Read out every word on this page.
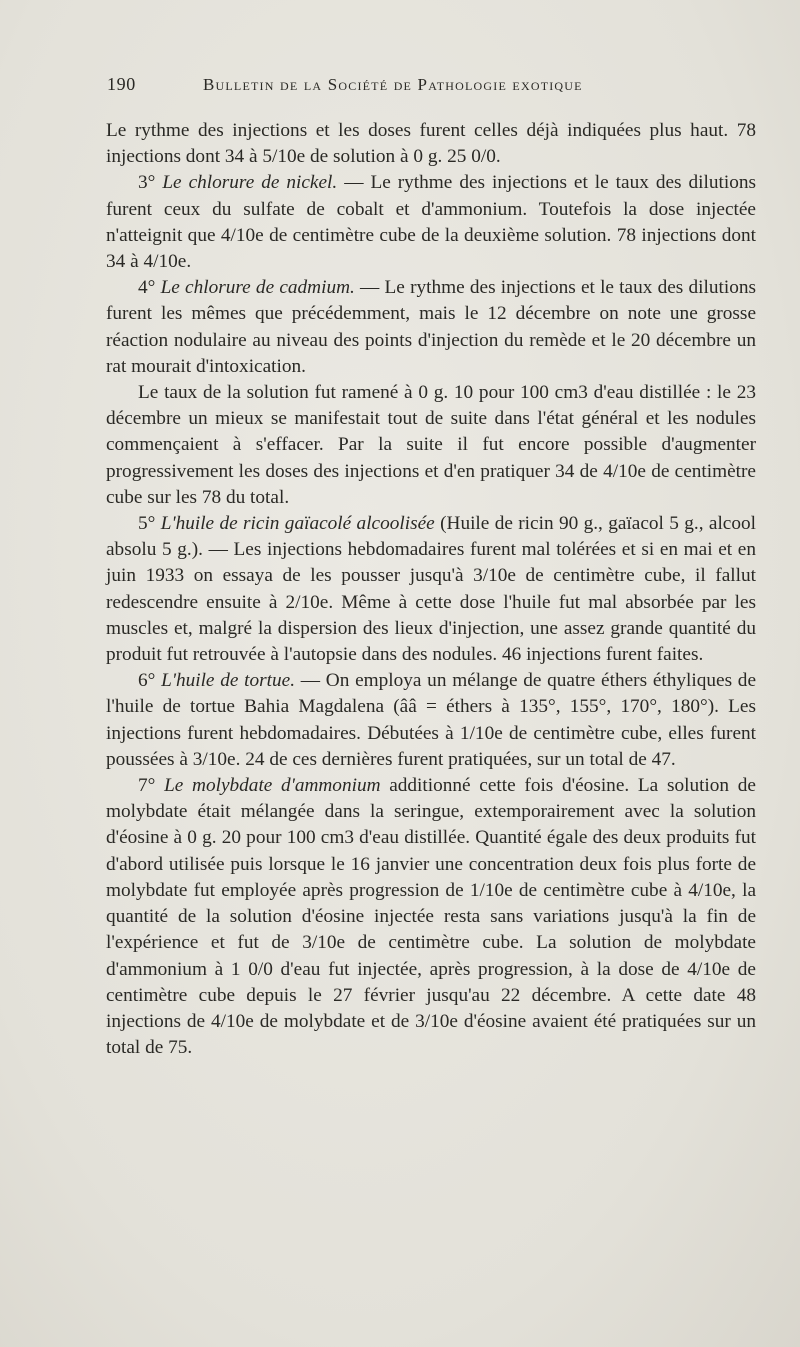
190	Bulletin de la Société de Pathologie exotique

Le rythme des injections et les doses furent celles déjà indiquées plus haut. 78 injections dont 34 à 5/10e de solution à 0 g. 25 0/0.

3° Le chlorure de nickel. — Le rythme des injections et le taux des dilutions furent ceux du sulfate de cobalt et d'ammonium. Toutefois la dose injectée n'atteignit que 4/10e de centimètre cube de la deuxième solution. 78 injections dont 34 à 4/10e.

4° Le chlorure de cadmium. — Le rythme des injections et le taux des dilutions furent les mêmes que précédemment, mais le 12 décembre on note une grosse réaction nodulaire au niveau des points d'injection du remède et le 20 décembre un rat mourait d'intoxication.

Le taux de la solution fut ramené à 0 g. 10 pour 100 cm3 d'eau distillée : le 23 décembre un mieux se manifestait tout de suite dans l'état général et les nodules commençaient à s'effacer. Par la suite il fut encore possible d'augmenter progressivement les doses des injections et d'en pratiquer 34 de 4/10e de centimètre cube sur les 78 du total.

5° L'huile de ricin gaïacolé alcoolisée (Huile de ricin 90 g., gaïacol 5 g., alcool absolu 5 g.). — Les injections hebdomadaires furent mal tolérées et si en mai et en juin 1933 on essaya de les pousser jusqu'à 3/10e de centimètre cube, il fallut redescendre ensuite à 2/10e. Même à cette dose l'huile fut mal absorbée par les muscles et, malgré la dispersion des lieux d'injection, une assez grande quantité du produit fut retrouvée à l'autopsie dans des nodules. 46 injections furent faites.

6° L'huile de tortue. — On employa un mélange de quatre éthers éthyliques de l'huile de tortue Bahia Magdalena (ââ = éthers à 135°, 155°, 170°, 180°). Les injections furent hebdomadaires. Débutées à 1/10e de centimètre cube, elles furent poussées à 3/10e. 24 de ces dernières furent pratiquées, sur un total de 47.

7° Le molybdate d'ammonium additionné cette fois d'éosine. La solution de molybdate était mélangée dans la seringue, extemporairement avec la solution d'éosine à 0 g. 20 pour 100 cm3 d'eau distillée. Quantité égale des deux produits fut d'abord utilisée puis lorsque le 16 janvier une concentration deux fois plus forte de molybdate fut employée après progression de 1/10e de centimètre cube à 4/10e, la quantité de la solution d'éosine injectée resta sans variations jusqu'à la fin de l'expérience et fut de 3/10e de centimètre cube. La solution de molybdate d'ammonium à 1 0/0 d'eau fut injectée, après progression, à la dose de 4/10e de centimètre cube depuis le 27 février jusqu'au 22 décembre. A cette date 48 injections de 4/10e de molybdate et de 3/10e d'éosine avaient été pratiquées sur un total de 75.
